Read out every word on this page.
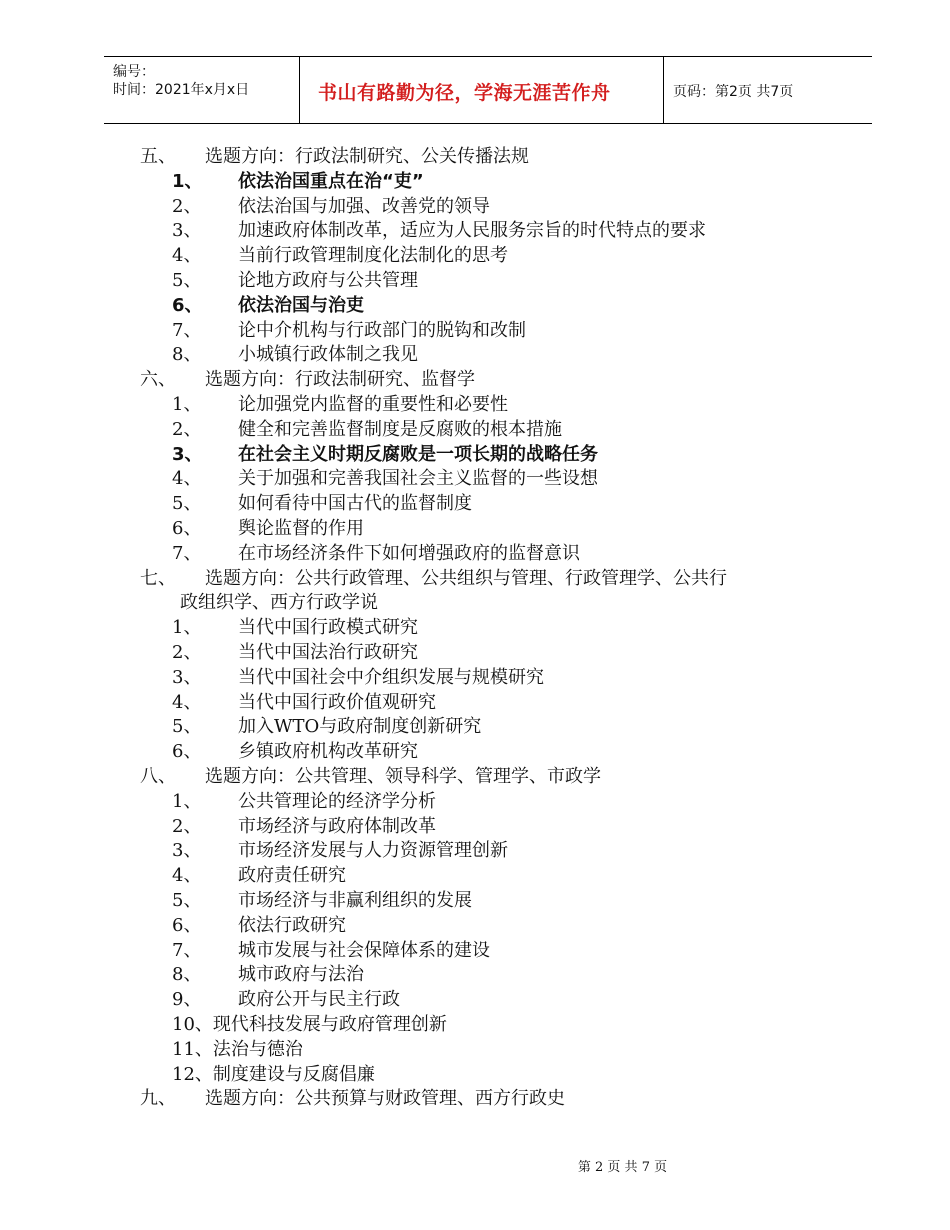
编号：
时间：2021年x月x日	书山有路勤为径，学海无涯苦作舟	页码：第2页 共7页
五、 选题方向：行政法制研究、公关传播法规
1、 依法治国重点在治“吏”
2、 依法治国与加强、改善党的领导
3、 加速政府体制改革，适应为人民服务宗旨的时代特点的要求
4、 当前行政管理制度化法制化的思考
5、 论地方政府与公共管理
6、 依法治国与治吏
7、 论中介机构与行政部门的脱钩和改制
8、 小城镇行政体制之我见
六、 选题方向：行政法制研究、监督学
1、 论加强党内监督的重要性和必要性
2、 健全和完善监督制度是反腐败的根本措施
3、 在社会主义时期反腐败是一项长期的战略任务
4、 关于加强和完善我国社会主义监督的一些设想
5、 如何看待中国古代的监督制度
6、 舆论监督的作用
7、 在市场经济条件下如何增强政府的监督意识
七、 选题方向：公共行政管理、公共组织与管理、行政管理学、公共行
政组织学、西方行政学说
1、 当代中国行政模式研究
2、 当代中国法治行政研究
3、 当代中国社会中介组织发展与规模研究
4、 当代中国行政价值观研究
5、 加入WTO与政府制度创新研究
6、 乡镇政府机构改革研究
八、 选题方向：公共管理、领导科学、管理学、市政学
1、 公共管理论的经济学分析
2、 市场经济与政府体制改革
3、 市场经济发展与人力资源管理创新
4、 政府责任研究
5、 市场经济与非赢利组织的发展
6、 依法行政研究
7、 城市发展与社会保障体系的建设
8、 城市政府与法治
9、 政府公开与民主行政
10、现代科技发展与政府管理创新
11、法治与德治
12、制度建设与反腐倡廉
九、 选题方向：公共预算与财政管理、西方行政史
第 2 页 共 7 页
